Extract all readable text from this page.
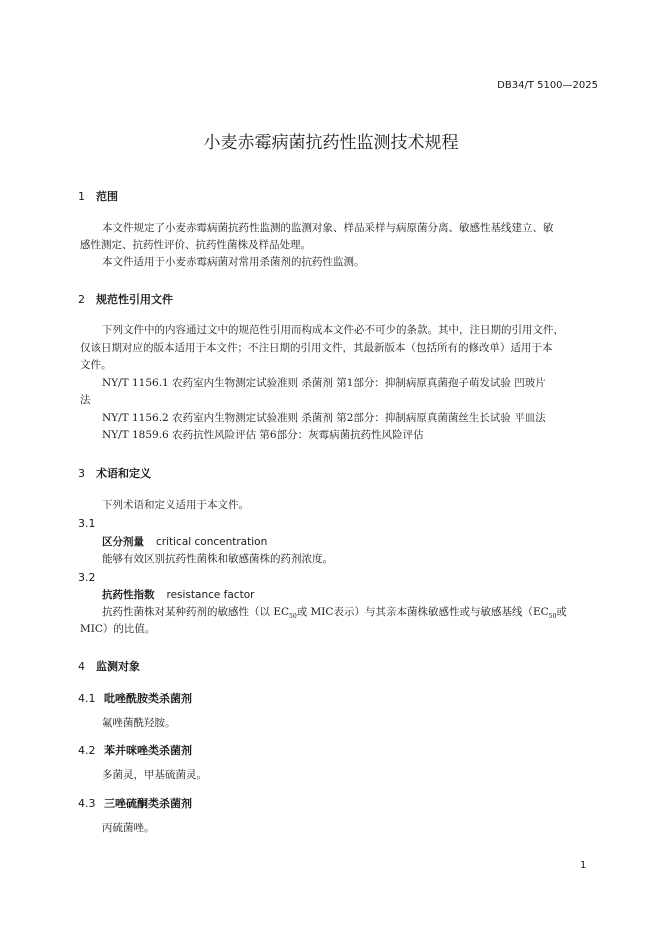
DB34/T 5100—2025
小麦赤霉病菌抗药性监测技术规程
1 范围
本文件规定了小麦赤霉病菌抗药性监测的监测对象、样品采样与病原菌分离、敏感性基线建立、敏
感性测定、抗药性评价、抗药性菌株及样品处理。
本文件适用于小麦赤霉病菌对常用杀菌剂的抗药性监测。
2 规范性引用文件
下列文件中的内容通过文中的规范性引用而构成本文件必不可少的条款。其中，注日期的引用文件，
仅该日期对应的版本适用于本文件；不注日期的引用文件，其最新版本（包括所有的修改单）适用于本
文件。
NY/T 1156.1 农药室内生物测定试验准则 杀菌剂 第1部分：抑制病原真菌孢子萌发试验 凹玻片
法
NY/T 1156.2 农药室内生物测定试验准则 杀菌剂 第2部分：抑制病原真菌菌丝生长试验 平皿法
NY/T 1859.6 农药抗性风险评估 第6部分：灰霉病菌抗药性风险评估
3 术语和定义
下列术语和定义适用于本文件。
3.1
区分剂量 critical concentration
能够有效区别抗药性菌株和敏感菌株的药剂浓度。
3.2
抗药性指数 resistance factor
抗药性菌株对某种药剂的敏感性（以 $EC_{50}$或 MIC表示）与其亲本菌株敏感性或与敏感基线（$EC_{50}$或
MIC）的比值。
4 监测对象
4.1 吡唑酰胺类杀菌剂
氟唑菌酰羟胺。
4.2 苯并咪唑类杀菌剂
多菌灵，甲基硫菌灵。
4.3 三唑硫酮类杀菌剂
丙硫菌唑。
1
